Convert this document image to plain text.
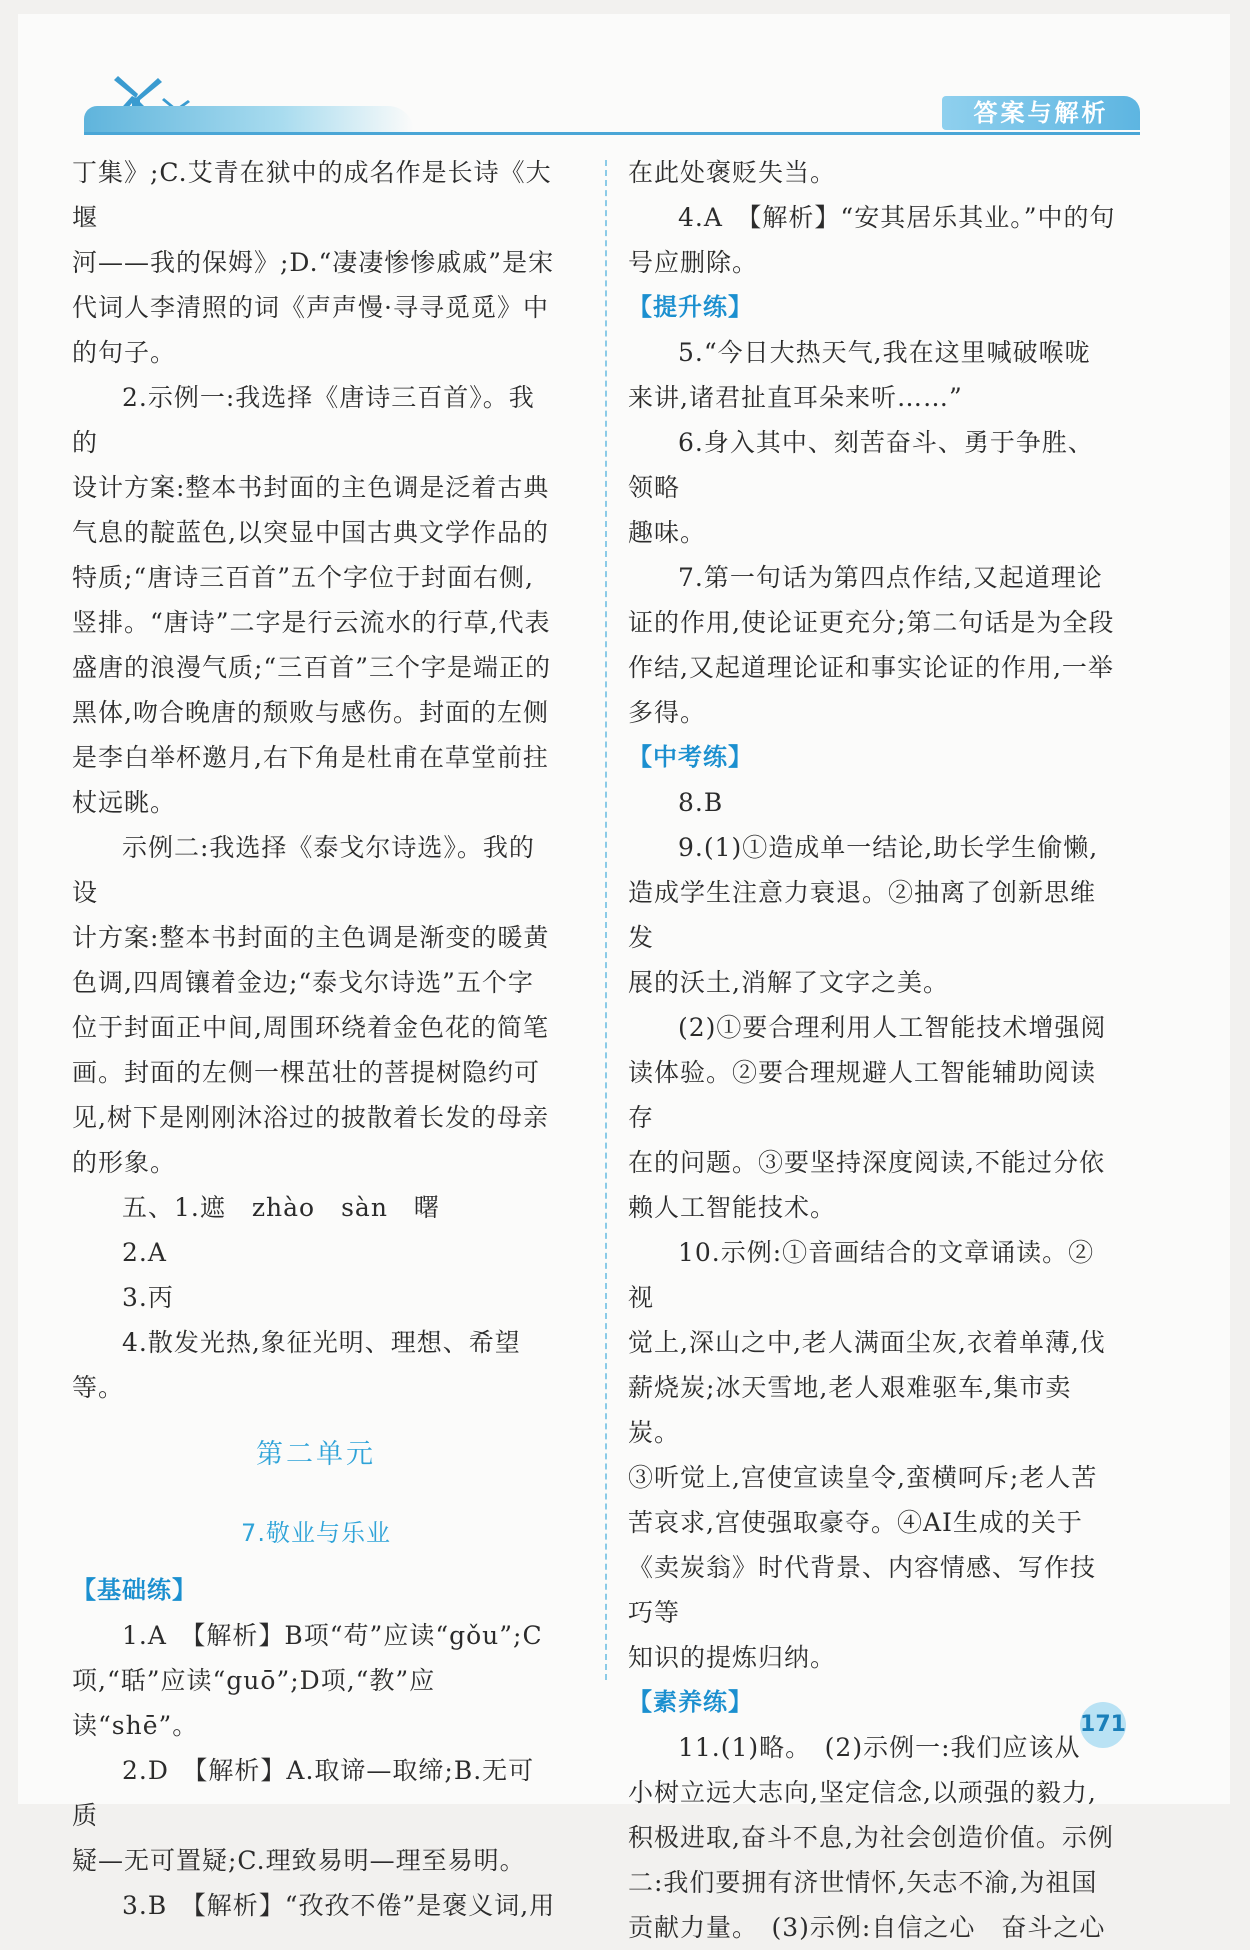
答案与解析

丁集》;C.艾青在狱中的成名作是长诗《大堰

河——我的保姆》;D.“凄凄惨惨戚戚”是宋

代词人李清照的词《声声慢·寻寻觅觅》中

的句子。

2.示例一:我选择《唐诗三百首》。我的

设计方案:整本书封面的主色调是泛着古典

气息的靛蓝色,以突显中国古典文学作品的

特质;“唐诗三百首”五个字位于封面右侧,

竖排。“唐诗”二字是行云流水的行草,代表

盛唐的浪漫气质;“三百首”三个字是端正的

黑体,吻合晚唐的颓败与感伤。封面的左侧

是李白举杯邀月,右下角是杜甫在草堂前拄

杖远眺。

示例二:我选择《泰戈尔诗选》。我的设

计方案:整本书封面的主色调是渐变的暖黄

色调,四周镶着金边;“泰戈尔诗选”五个字

位于封面正中间,周围环绕着金色花的简笔

画。封面的左侧一棵茁壮的菩提树隐约可

见,树下是刚刚沐浴过的披散着长发的母亲

的形象。

五、1.遮　zhào　sàn　曙

2.A

3.丙

4.散发光热,象征光明、理想、希望等。

第二单元

7.敬业与乐业

【基础练】

1.A　【解析】B项“苟”应读“gǒu”;C

项,“聒”应读“guō”;D项,“教”应读“shē”。

2.D　【解析】A.取谛—取缔;B.无可质

疑—无可置疑;C.理致易明—理至易明。

3.B　【解析】“孜孜不倦”是褒义词,用

在此处褒贬失当。

4.A　【解析】“安其居乐其业。”中的句

号应删除。

【提升练】

5.“今日大热天气,我在这里喊破喉咙

来讲,诸君扯直耳朵来听……”

6.身入其中、刻苦奋斗、勇于争胜、领略

趣味。

7.第一句话为第四点作结,又起道理论

证的作用,使论证更充分;第二句话是为全段

作结,又起道理论证和事实论证的作用,一举

多得。

【中考练】

8.B

9.(1)①造成单一结论,助长学生偷懒,

造成学生注意力衰退。②抽离了创新思维发

展的沃土,消解了文字之美。

(2)①要合理利用人工智能技术增强阅

读体验。②要合理规避人工智能辅助阅读存

在的问题。③要坚持深度阅读,不能过分依

赖人工智能技术。

10.示例:①音画结合的文章诵读。②视

觉上,深山之中,老人满面尘灰,衣着单薄,伐

薪烧炭;冰天雪地,老人艰难驱车,集市卖炭。

③听觉上,宫使宣读皇令,蛮横呵斥;老人苦

苦哀求,宫使强取豪夺。④AI生成的关于

《卖炭翁》时代背景、内容情感、写作技巧等

知识的提炼归纳。

【素养练】

11.(1)略。　(2)示例一:我们应该从

小树立远大志向,坚定信念,以顽强的毅力,

积极进取,奋斗不息,为社会创造价值。示例

二:我们要拥有济世情怀,矢志不渝,为祖国

贡献力量。　(3)示例:自信之心　奋斗之心

171
